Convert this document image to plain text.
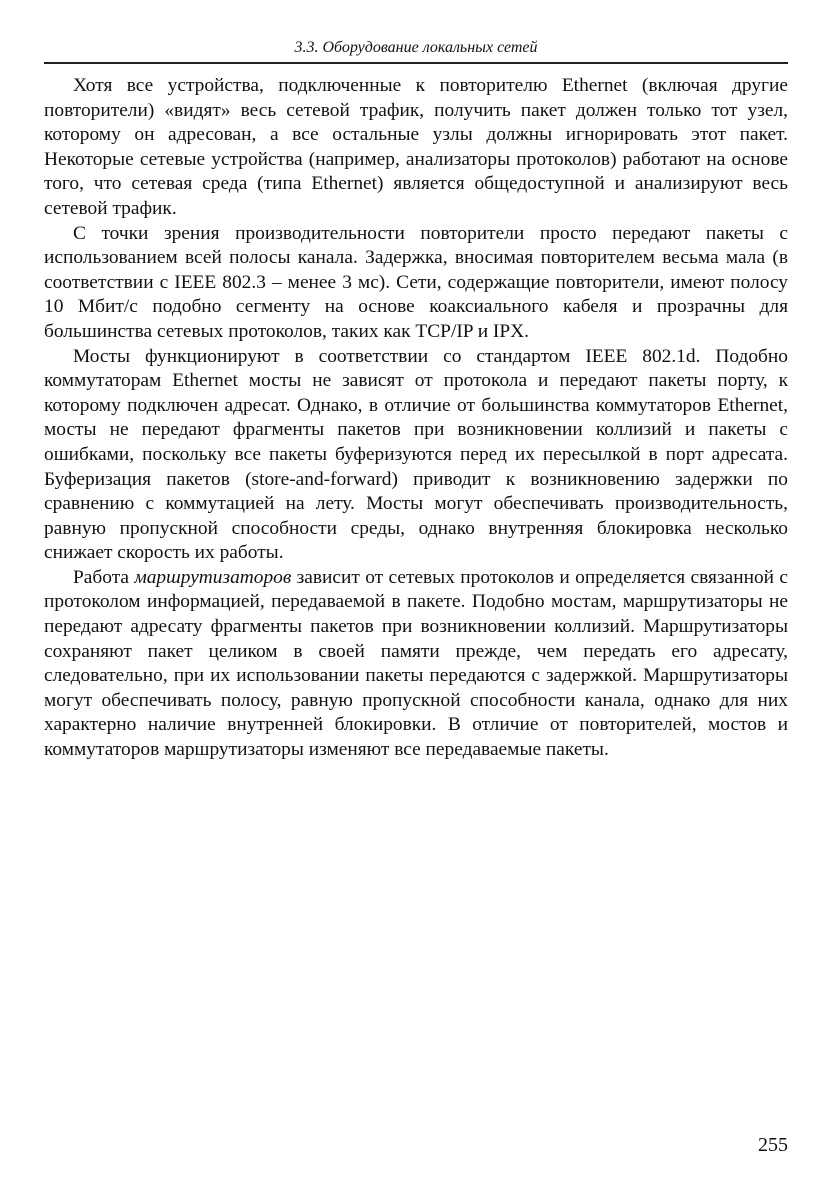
3.3. Оборудование локальных сетей

Хотя все устройства, подключенные к повторителю Ethernet (включая другие повторители) «видят» весь сетевой трафик, получить пакет должен только тот узел, которому он адресован, а все остальные узлы должны игнорировать этот пакет. Некоторые сетевые устройства (например, анализаторы протоколов) работают на основе того, что сетевая среда (типа Ethernet) является общедоступной и анализируют весь сетевой трафик.

С точки зрения производительности повторители просто передают пакеты с использованием всей полосы канала. Задержка, вносимая повторителем весьма мала (в соответствии с IEEE 802.3 – менее 3 мс). Сети, содержащие повторители, имеют полосу 10 Мбит/с подобно сегменту на основе коаксиального кабеля и прозрачны для большинства сетевых протоколов, таких как TCP/IP и IPX.

Мосты функционируют в соответствии со стандартом IEEE 802.1d. Подобно коммутаторам Ethernet мосты не зависят от протокола и передают пакеты порту, к которому подключен адресат. Однако, в отличие от большинства коммутаторов Ethernet, мосты не передают фрагменты пакетов при возникновении коллизий и пакеты с ошибками, поскольку все пакеты буферизуются перед их пересылкой в порт адресата. Буферизация пакетов (store-and-forward) приводит к возникновению задержки по сравнению с коммутацией на лету. Мосты могут обеспечивать производительность, равную пропускной способности среды, однако внутренняя блокировка несколько снижает скорость их работы.

Работа маршрутизаторов зависит от сетевых протоколов и определяется связанной с протоколом информацией, передаваемой в пакете. Подобно мостам, маршрутизаторы не передают адресату фрагменты пакетов при возникновении коллизий. Маршрутизаторы сохраняют пакет целиком в своей памяти прежде, чем передать его адресату, следовательно, при их использовании пакеты передаются с задержкой. Маршрутизаторы могут обеспечивать полосу, равную пропускной способности канала, однако для них характерно наличие внутренней блокировки. В отличие от повторителей, мостов и коммутаторов маршрутизаторы изменяют все передаваемые пакеты.

255
